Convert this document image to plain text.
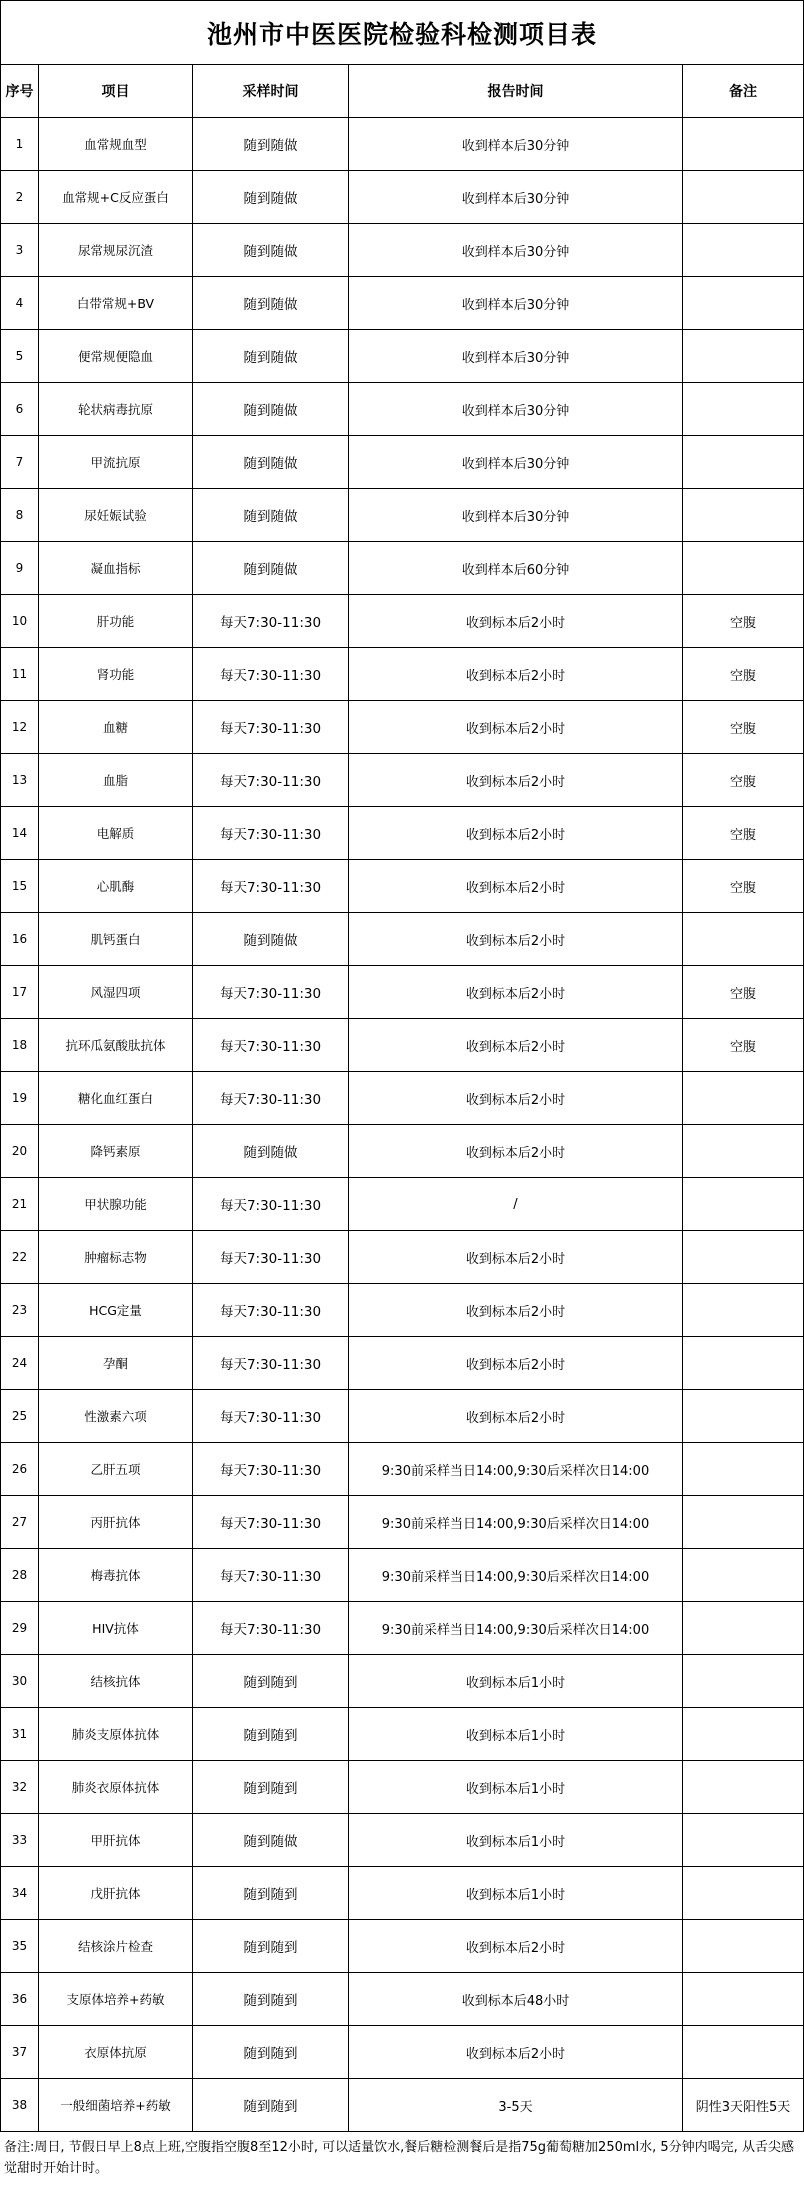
池州市中医医院检验科检测项目表				
序号	项目	采样时间	报告时间	备注
1	血常规血型	随到随做	收到样本后30分钟	
2	血常规+C反应蛋白	随到随做	收到样本后30分钟	
3	尿常规尿沉渣	随到随做	收到样本后30分钟	
4	白带常规+BV	随到随做	收到样本后30分钟	
5	便常规便隐血	随到随做	收到样本后30分钟	
6	轮状病毒抗原	随到随做	收到样本后30分钟	
7	甲流抗原	随到随做	收到样本后30分钟	
8	尿妊娠试验	随到随做	收到样本后30分钟	
9	凝血指标	随到随做	收到样本后60分钟	
10	肝功能	每天7:30-11:30	收到标本后2小时	空腹
11	肾功能	每天7:30-11:30	收到标本后2小时	空腹
12	血糖	每天7:30-11:30	收到标本后2小时	空腹
13	血脂	每天7:30-11:30	收到标本后2小时	空腹
14	电解质	每天7:30-11:30	收到标本后2小时	空腹
15	心肌酶	每天7:30-11:30	收到标本后2小时	空腹
16	肌钙蛋白	随到随做	收到标本后2小时	
17	风湿四项	每天7:30-11:30	收到标本后2小时	空腹
18	抗环瓜氨酸肽抗体	每天7:30-11:30	收到标本后2小时	空腹
19	糖化血红蛋白	每天7:30-11:30	收到标本后2小时	
20	降钙素原	随到随做	收到标本后2小时	
21	甲状腺功能	每天7:30-11:30	/	
22	肿瘤标志物	每天7:30-11:30	收到标本后2小时	
23	HCG定量	每天7:30-11:30	收到标本后2小时	
24	孕酮	每天7:30-11:30	收到标本后2小时	
25	性激素六项	每天7:30-11:30	收到标本后2小时	
26	乙肝五项	每天7:30-11:30	9:30前采样当日14:00,9:30后采样次日14:00	
27	丙肝抗体	每天7:30-11:30	9:30前采样当日14:00,9:30后采样次日14:00	
28	梅毒抗体	每天7:30-11:30	9:30前采样当日14:00,9:30后采样次日14:00	
29	HIV抗体	每天7:30-11:30	9:30前采样当日14:00,9:30后采样次日14:00	
30	结核抗体	随到随到	收到标本后1小时	
31	肺炎支原体抗体	随到随到	收到标本后1小时	
32	肺炎衣原体抗体	随到随到	收到标本后1小时	
33	甲肝抗体	随到随做	收到标本后1小时	
34	戊肝抗体	随到随到	收到标本后1小时	
35	结核涂片检查	随到随到	收到标本后2小时	
36	支原体培养+药敏	随到随到	收到标本后48小时	
37	衣原体抗原	随到随到	收到标本后2小时	
38	一般细菌培养+药敏	随到随到	3-5天	阴性3天阳性5天
备注:周日, 节假日早上8点上班,空腹指空腹8至12小时, 可以适量饮水,餐后糖检测餐后是指75g葡萄糖加250ml水, 5分钟内喝完, 从舌尖感觉甜时开始计时。
